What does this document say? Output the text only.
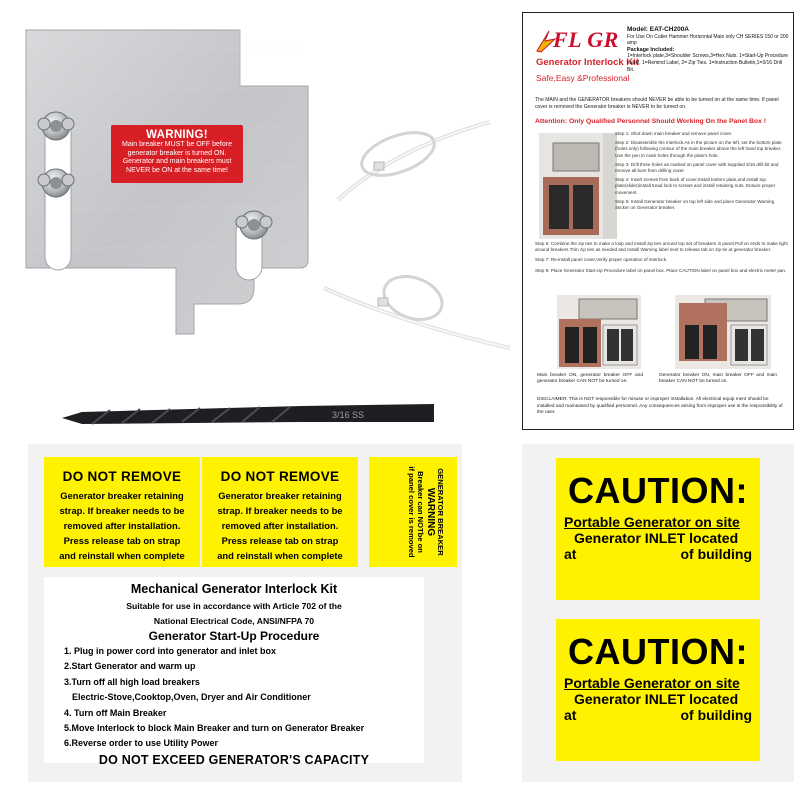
WARNING!
Main breaker MUST be OFF before
generator breaker is turned ON.
Generator and main breakers must
NEVER be ON at the same time!
3/16 SS
FL GR
Generator Interlock Kit
Safe,Easy &Professional

Model: EAT-CH200A

For Use On Cutler Hammer Horizontal Main only CH SERIES 150 or 200 amp

Package Included:

1=Interlock plate,3=Shoulder Screws,3=Hex Nuts. 1=Start-Up Procedure Label, 1=Remind Label, 2= Zip Ties. 1=Instruction Bulletin,1=3/16 Drill Bit.

The MAIN and the GENERATOR breakers should NEVER be able to be turned on at the same time. If panel cover is removed the Generator breaker is NEVER to be turned on.
Attention: Only Qualified Personnel Should Working On the Panel Box !

Step 1: Shut down main breaker and remove panel cover.

Step 2: Disassemble the interlock.As in the picture on the left, set the bottom plate (holes only) following contour of the main breaker above the left hand top breaker. Use the pen to mark holes through the plate's hole.

Step 3: Drill three holes as marked on panel cover with supplied 3/16 drill bit and remove all burs from drilling cover.

Step 4: Insert screws from back of cover,install bottom plate,and install top plate(slider)install tread lock to screws and install retaining nuts. Ensure proper movement.

Step 5: Install Generator breaker on top left side and place Generator Warning Sticker on Generator breaker.

Step 6: Combine the zip ties to make a loop and install zip ties around top set of breakers in panel.Pull on ends to make tight around breakers.Trim zip ties as needed and Install Warning label next to release tab on zip tie at generator breaker.

Step 7: Re-install panel cover,Verify proper operation of interlock.

Step 8: Place Generator Start-Up Procedure label on panel box. Place CAUTION label on panel box and electric meter pan.

Main breaker ON, generator breaker OFF and generator breaker CAN NOT be turned on.
Generator breaker ON, main breaker OFF and main breaker CAN NOT be turned on.
DISCLAIMER: This is NOT responsible for misuse or improper installation. All electrical equip ment should be installed and maintained by qualified personnel. Any consequences arising from improper use is the responsibility of the user.
DO NOT REMOVE
Generator breaker retaining
strap. If breaker needs to be
removed after installation.
Press release tab on strap
and reinstall when complete
DO NOT REMOVE
Generator breaker retaining
strap. If breaker needs to be
removed after installation.
Press release tab on strap
and reinstall when complete	GENERATOR BREAKER
WARNING
Breaker can NOTbe on
if panel cover is removed
Mechanical Generator Interlock Kit
Suitable for use in accordance with Article 702 of the
National Electrical Code, ANSI/NFPA 70
Generator Start-Up Procedure
1. Plug in power cord into generator and inlet box
2.Start Generator and warm up
3.Turn off all high load breakers
Electric-Stove,Cooktop,Oven, Dryer and Air Conditioner
4. Turn off Main Breaker
5.Move Interlock to block Main Breaker and turn on Generator Breaker
6.Reverse order to use Utility Power
DO NOT EXCEED GENERATOR'S CAPACITY
CAUTION:
Portable Generator on site
Generator INLET located
at	of building
CAUTION:
Portable Generator on site
Generator INLET located
at	of building
